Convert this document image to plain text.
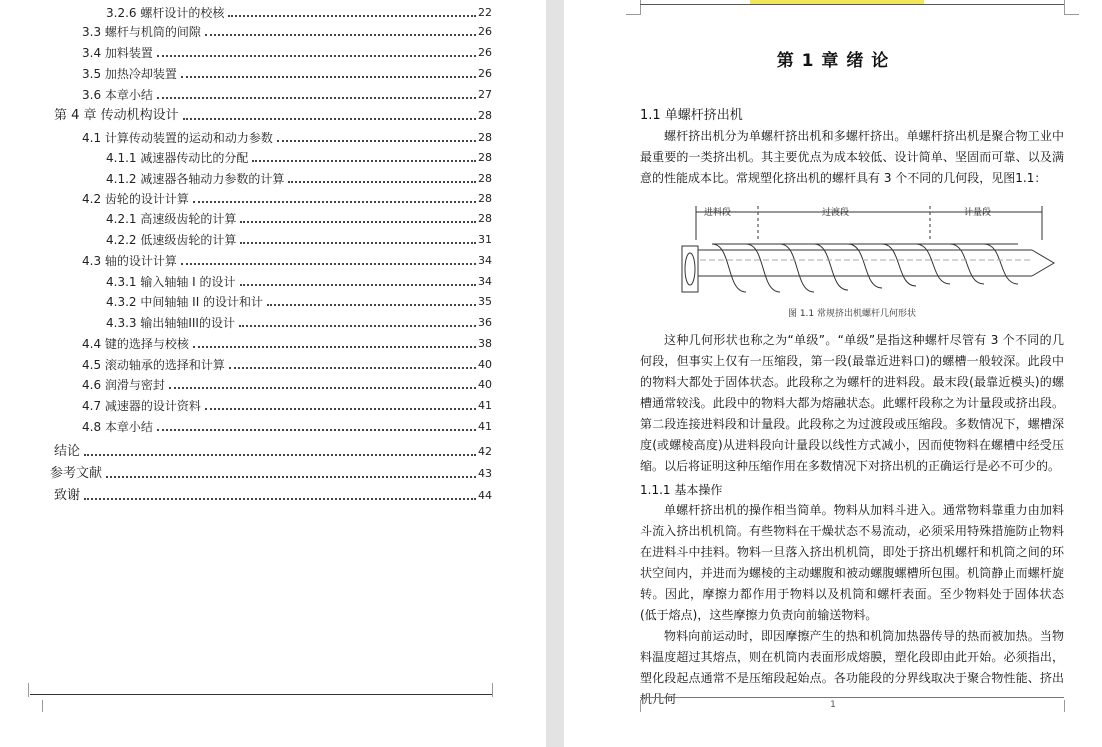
3.2.6 螺杆设计的校核	22
3.3 螺杆与机筒的间隙	26
3.4 加料装置	26
3.5 加热冷却装置	26
3.6 本章小结	27
第 4 章 传动机构设计	28
4.1 计算传动装置的运动和动力参数	28
4.1.1 减速器传动比的分配	28
4.1.2 减速器各轴动力参数的计算	28
4.2 齿轮的设计计算	28
4.2.1 高速级齿轮的计算	28
4.2.2 低速级齿轮的计算	31
4.3 轴的设计计算	34
4.3.1 输入轴轴 I 的设计	34
4.3.2 中间轴轴 II 的设计和计	35
4.3.3 输出轴轴III的设计	36
4.4 键的选择与校核	38
4.5 滚动轴承的选择和计算	40
4.6 润滑与密封	40
4.7 减速器的设计资料	41
4.8 本章小结	41
结论	42
参考文献	43
致谢	44
第 1 章 绪 论
1.1 单螺杆挤出机

螺杆挤出机分为单螺杆挤出机和多螺杆挤出。单螺杆挤出机是聚合物工业中最重要的一类挤出机。其主要优点为成本较低、设计简单、坚固而可靠、以及满意的性能成本比。常规塑化挤出机的螺杆具有 3 个不同的几何段，见图1.1：

进料段	过渡段	计量段
图 1.1 常规挤出机螺杆几何形状

这种几何形状也称之为“单级”。“单级”是指这种螺杆尽管有 3 个不同的几何段，但事实上仅有一压缩段，第一段(最靠近进料口)的螺槽一般较深。此段中的物料大都处于固体状态。此段称之为螺杆的进料段。最末段(最靠近模头)的螺槽通常较浅。此段中的物料大都为熔融状态。此螺杆段称之为计量段或挤出段。第二段连接进料段和计量段。此段称之为过渡段或压缩段。多数情况下，螺槽深度(或螺棱高度)从进料段向计量段以线性方式减小，因而使物料在螺槽中经受压缩。以后将证明这种压缩作用在多数情况下对挤出机的正确运行是必不可少的。

1.1.1 基本操作

单螺杆挤出机的操作相当简单。物料从加料斗进入。通常物料靠重力由加料斗流入挤出机机筒。有些物料在干燥状态不易流动，必须采用特殊措施防止物料在进料斗中挂料。物料一旦落入挤出机机筒，即处于挤出机螺杆和机筒之间的环状空间内，并进而为螺棱的主动螺腹和被动螺腹螺槽所包围。机筒静止而螺杆旋转。因此，摩擦力都作用于物料以及机筒和螺杆表面。至少物料处于固体状态(低于熔点)，这些摩擦力负责向前输送物料。

物料向前运动时，即因摩擦产生的热和机筒加热器传导的热而被加热。当物料温度超过其熔点，则在机筒内表面形成熔膜，塑化段即由此开始。必须指出，塑化段起点通常不是压缩段起始点。各功能段的分界线取决于聚合物性能、挤出机几何	1
